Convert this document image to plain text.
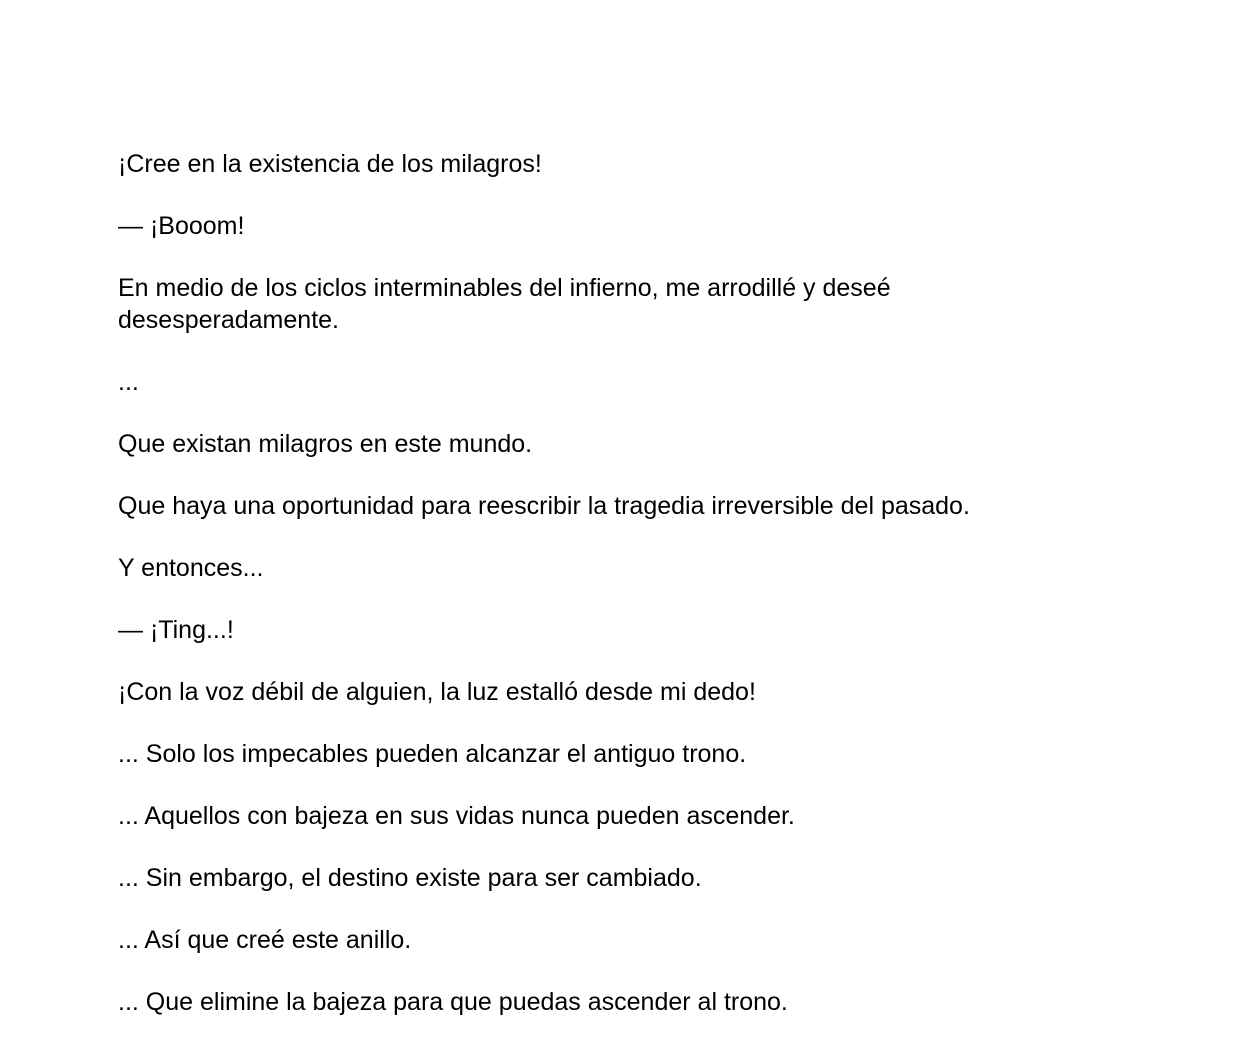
¡Cree en la existencia de los milagros!

— ¡Booom!

En medio de los ciclos interminables del infierno, me arrodillé y deseé desesperadamente.

...

Que existan milagros en este mundo.

Que haya una oportunidad para reescribir la tragedia irreversible del pasado.

Y entonces...

— ¡Ting...!

¡Con la voz débil de alguien, la luz estalló desde mi dedo!

... Solo los impecables pueden alcanzar el antiguo trono.

... Aquellos con bajeza en sus vidas nunca pueden ascender.

... Sin embargo, el destino existe para ser cambiado.

... Así que creé este anillo.

... Que elimine la bajeza para que puedas ascender al trono.
